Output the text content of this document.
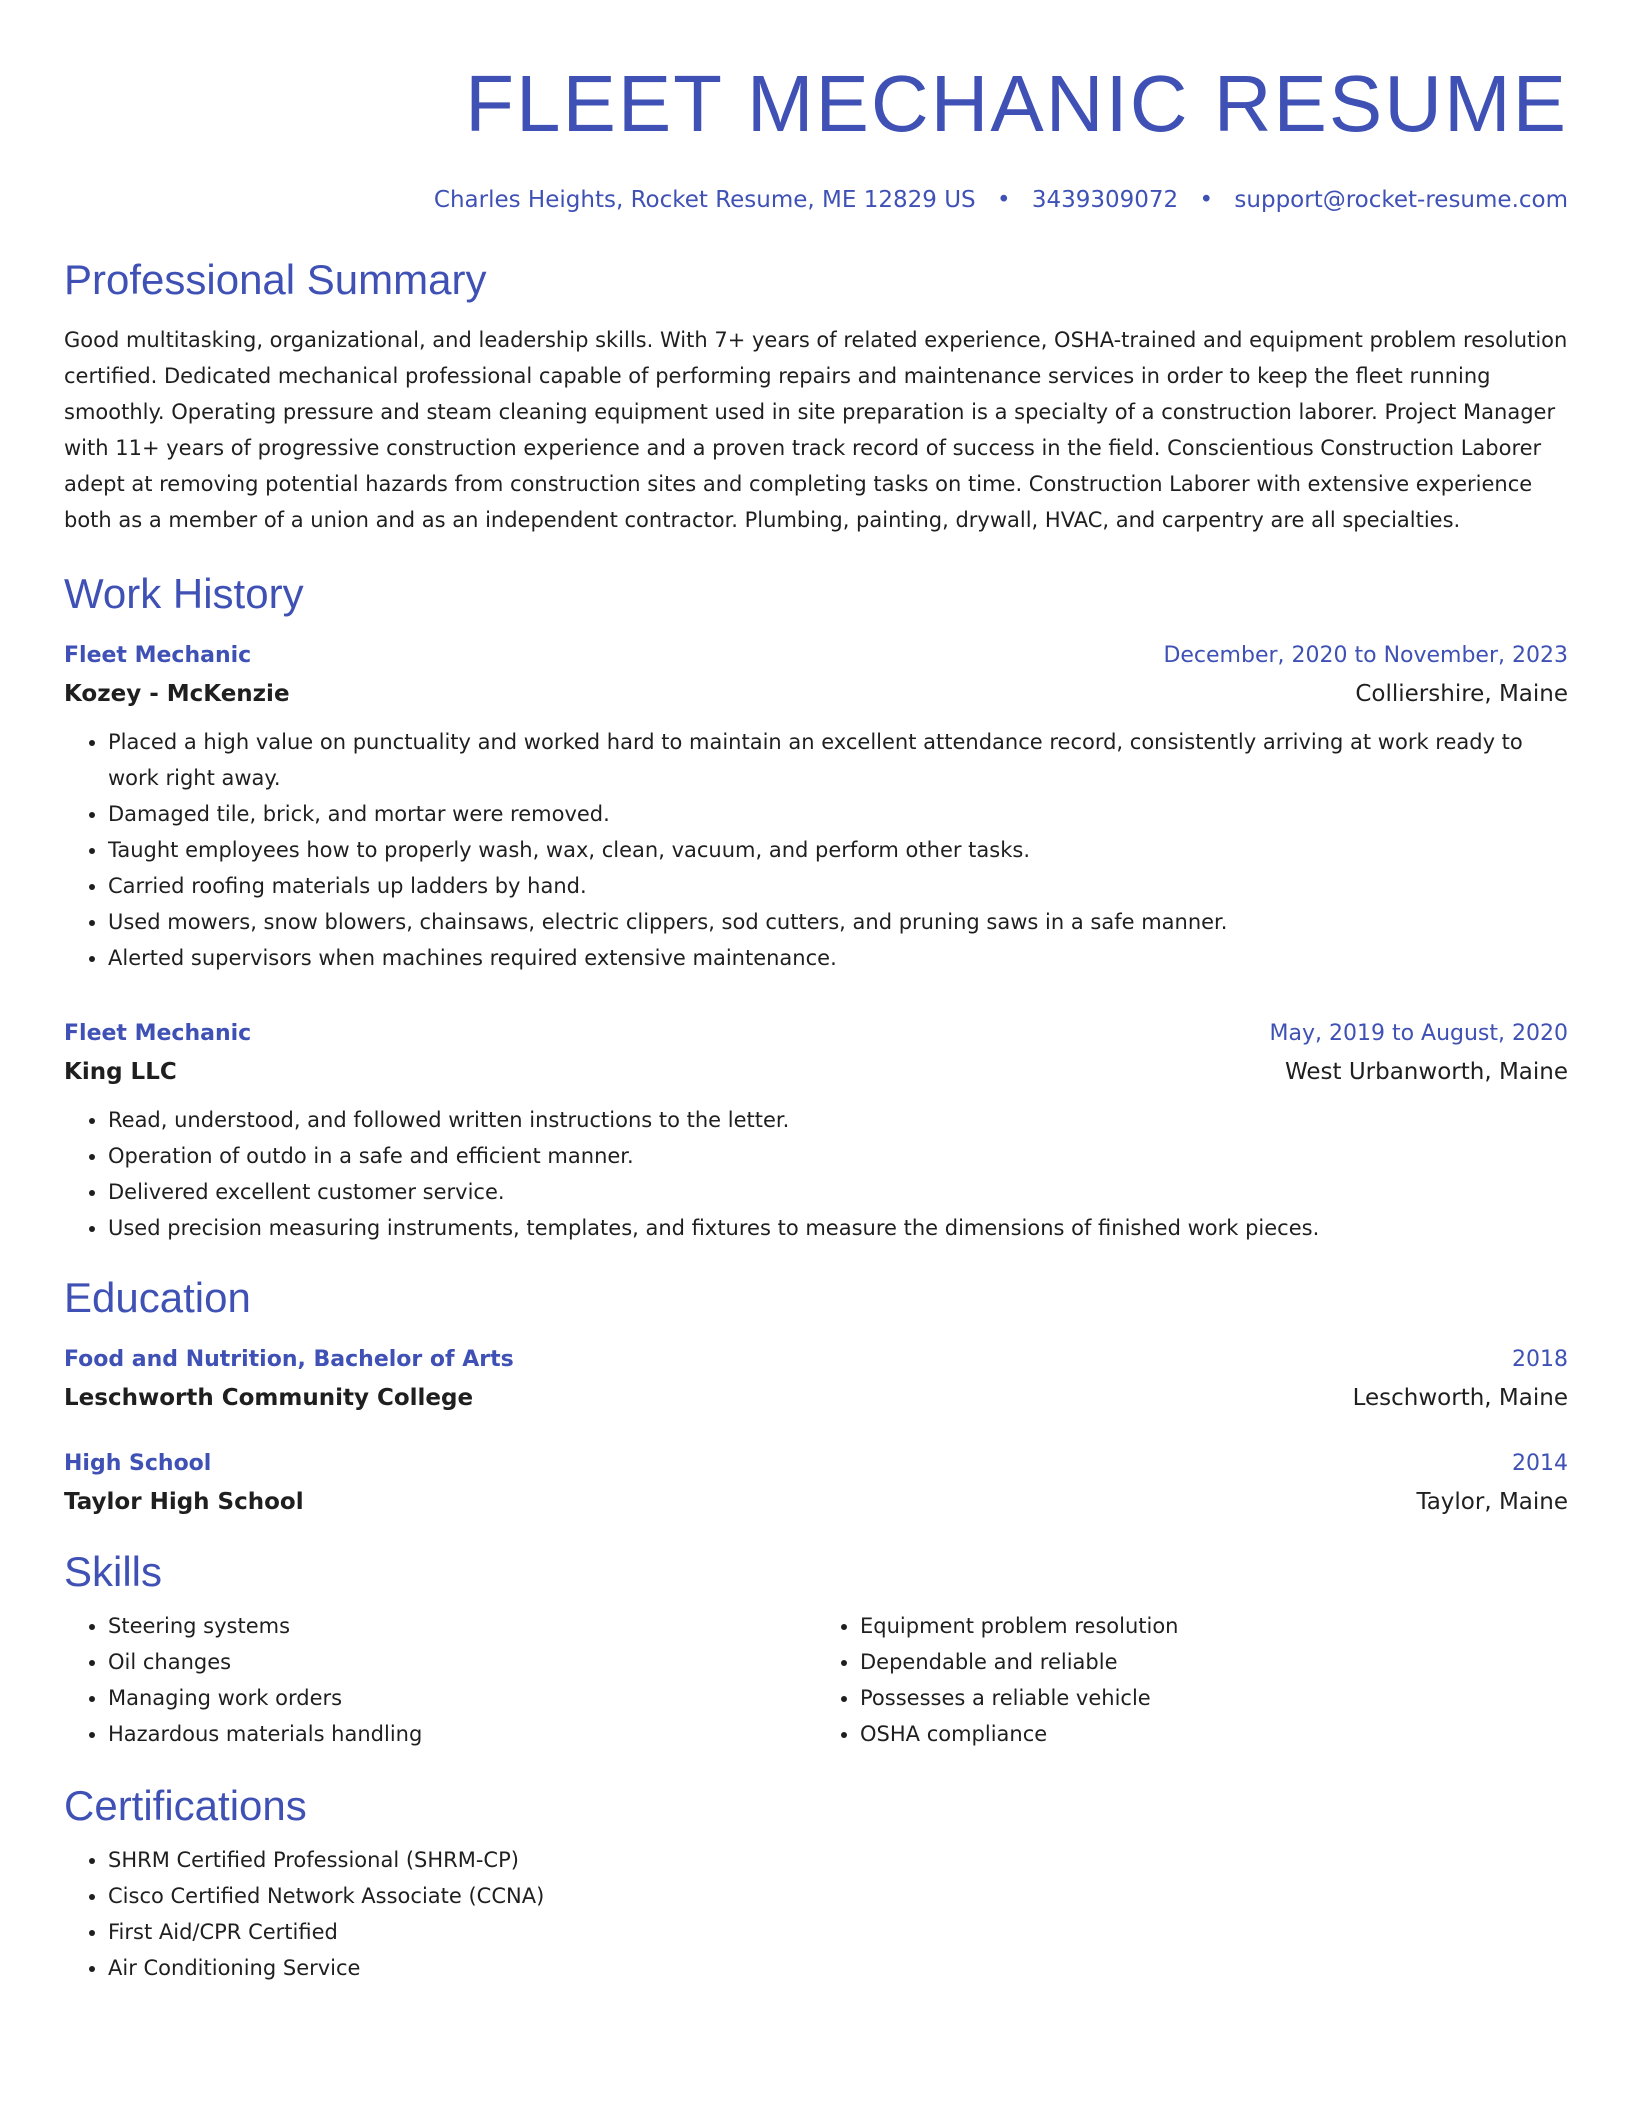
FLEET MECHANIC RESUME
Charles Heights, Rocket Resume, ME 12829 US • 3439309072 • support@rocket-resume.com
Professional Summary

Good multitasking, organizational, and leadership skills. With 7+ years of related experience, OSHA-trained and equipment problem resolution certified. Dedicated mechanical professional capable of performing repairs and maintenance services in order to keep the fleet running smoothly. Operating pressure and steam cleaning equipment used in site preparation is a specialty of a construction laborer. Project Manager with 11+ years of progressive construction experience and a proven track record of success in the field. Conscientious Construction Laborer adept at removing potential hazards from construction sites and completing tasks on time. Construction Laborer with extensive experience both as a member of a union and as an independent contractor. Plumbing, painting, drywall, HVAC, and carpentry are all specialties.

Work History
Fleet Mechanic	December, 2020 to November, 2023
Kozey - McKenzie	Colliershire, Maine
• Placed a high value on punctuality and worked hard to maintain an excellent attendance record, consistently arriving at work ready to work right away.
• Damaged tile, brick, and mortar were removed.
• Taught employees how to properly wash, wax, clean, vacuum, and perform other tasks.
• Carried roofing materials up ladders by hand.
• Used mowers, snow blowers, chainsaws, electric clippers, sod cutters, and pruning saws in a safe manner.
• Alerted supervisors when machines required extensive maintenance.
Fleet Mechanic	May, 2019 to August, 2020
King LLC	West Urbanworth, Maine
• Read, understood, and followed written instructions to the letter.
• Operation of outdo in a safe and efficient manner.
• Delivered excellent customer service.
• Used precision measuring instruments, templates, and fixtures to measure the dimensions of finished work pieces.
Education
Food and Nutrition, Bachelor of Arts	2018
Leschworth Community College	Leschworth, Maine
High School	2014
Taylor High School	Taylor, Maine
Skills
• Steering systems
• Oil changes
• Managing work orders
• Hazardous materials handling
• Equipment problem resolution
• Dependable and reliable
• Possesses a reliable vehicle
• OSHA compliance
Certifications
• SHRM Certified Professional (SHRM-CP)
• Cisco Certified Network Associate (CCNA)
• First Aid/CPR Certified
• Air Conditioning Service
